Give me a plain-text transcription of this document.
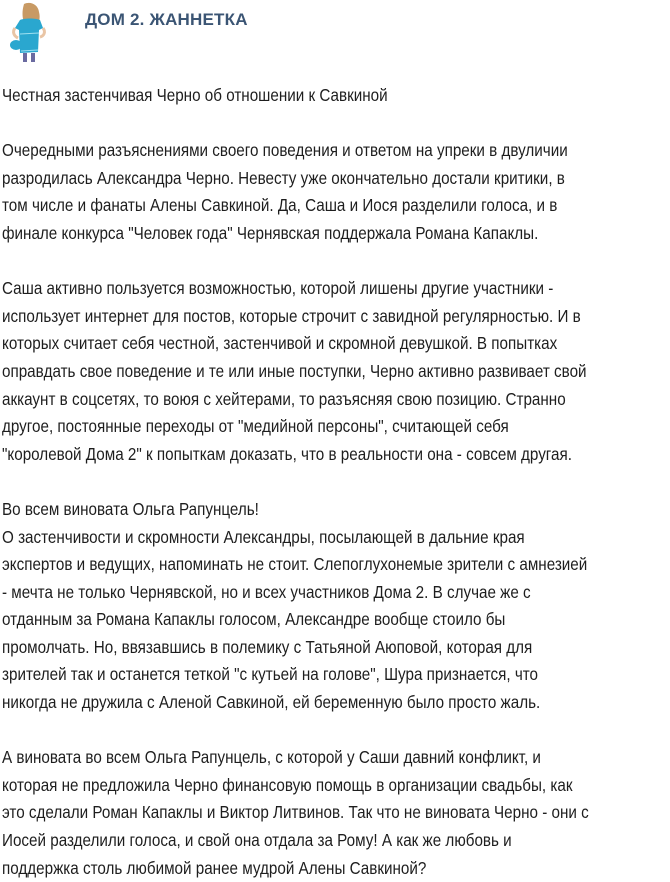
ДОМ 2. ЖАННЕТКА
Честная застенчивая Черно об отношении к Савкиной
Очередными разъяснениями своего поведения и ответом на упреки в двуличии
разродилась Александра Черно. Невесту уже окончательно достали критики, в
том числе и фанаты Алены Савкиной. Да, Саша и Иося разделили голоса, и в
финале конкурса "Человек года" Чернявская поддержала Романа Капаклы.
Саша активно пользуется возможностью, которой лишены другие участники -
использует интернет для постов, которые строчит с завидной регулярностью. И в
которых считает себя честной, застенчивой и скромной девушкой. В попытках
оправдать свое поведение и те или иные поступки, Черно активно развивает свой
аккаунт в соцсетях, то воюя с хейтерами, то разъясняя свою позицию. Странно
другое, постоянные переходы от "медийной персоны", считающей себя
"королевой Дома 2" к попыткам доказать, что в реальности она - совсем другая.
Во всем виновата Ольга Рапунцель!
О застенчивости и скромности Александры, посылающей в дальние края
экспертов и ведущих, напоминать не стоит. Слепоглухонемые зрители с амнезией
- мечта не только Чернявской, но и всех участников Дома 2. В случае же с
отданным за Романа Капаклы голосом, Александре вообще стоило бы
промолчать. Но, ввязавшись в полемику с Татьяной Аюповой, которая для
зрителей так и останется теткой "с кутьей на голове", Шура признается, что
никогда не дружила с Аленой Савкиной, ей беременную было просто жаль.
А виновата во всем Ольга Рапунцель, с которой у Саши давний конфликт, и
которая не предложила Черно финансовую помощь в организации свадьбы, как
это сделали Роман Капаклы и Виктор Литвинов. Так что не виновата Черно - они с
Иосей разделили голоса, и свой она отдала за Рому! А как же любовь и
поддержка столь любимой ранее мудрой Алены Савкиной?
